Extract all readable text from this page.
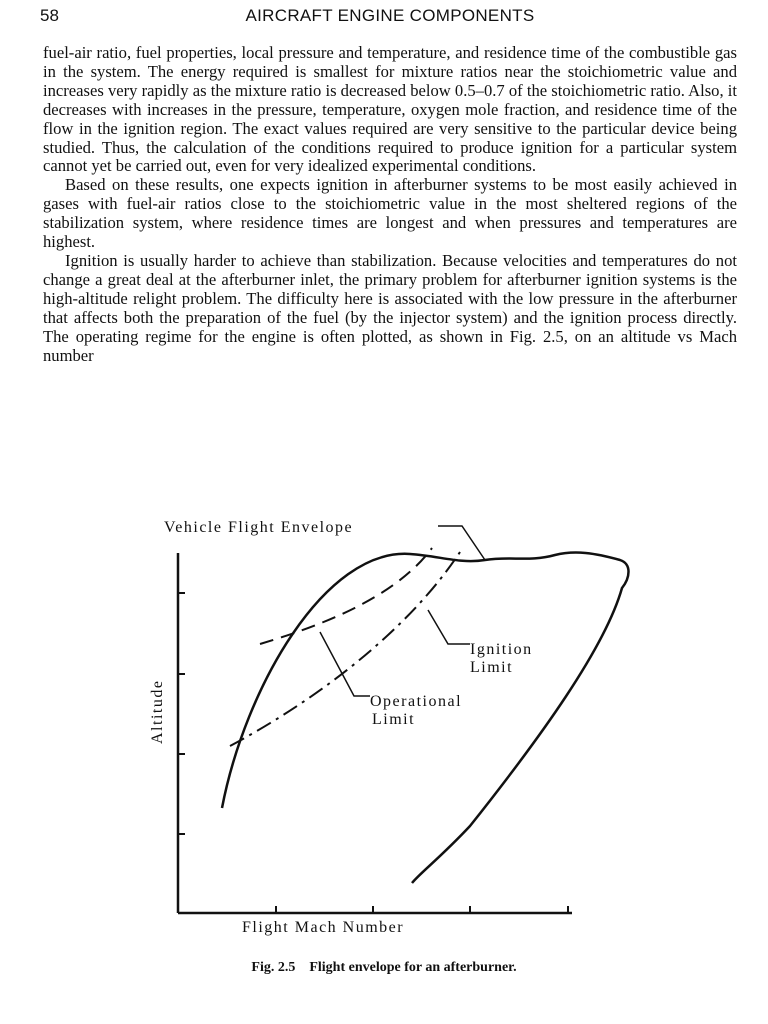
58	AIRCRAFT ENGINE COMPONENTS

fuel-air ratio, fuel properties, local pressure and temperature, and residence time of the combustible gas in the system. The energy required is smallest for mixture ratios near the stoichiometric value and increases very rapidly as the mixture ratio is decreased below 0.5–0.7 of the stoichiometric ratio. Also, it decreases with increases in the pressure, temperature, oxygen mole fraction, and residence time of the flow in the ignition region. The exact values required are very sensitive to the particular device being studied. Thus, the calculation of the conditions required to produce ignition for a particular system cannot yet be carried out, even for very idealized experimental conditions.

Based on these results, one expects ignition in afterburner systems to be most easily achieved in gases with fuel-air ratios close to the stoichiometric value in the most sheltered regions of the stabilization system, where residence times are longest and when pressures and temperatures are highest.

Ignition is usually harder to achieve than stabilization. Because velocities and temperatures do not change a great deal at the afterburner inlet, the primary problem for afterburner ignition systems is the high-altitude relight problem. The difficulty here is associated with the low pressure in the afterburner that affects both the preparation of the fuel (by the injector system) and the ignition process directly. The operating regime for the engine is often plotted, as shown in Fig. 2.5, on an altitude vs Mach number

Vehicle Flight Envelope
Ignition
Limit
Operational
Limit
Altitude
Flight Mach Number
Fig. 2.5 Flight envelope for an afterburner.
